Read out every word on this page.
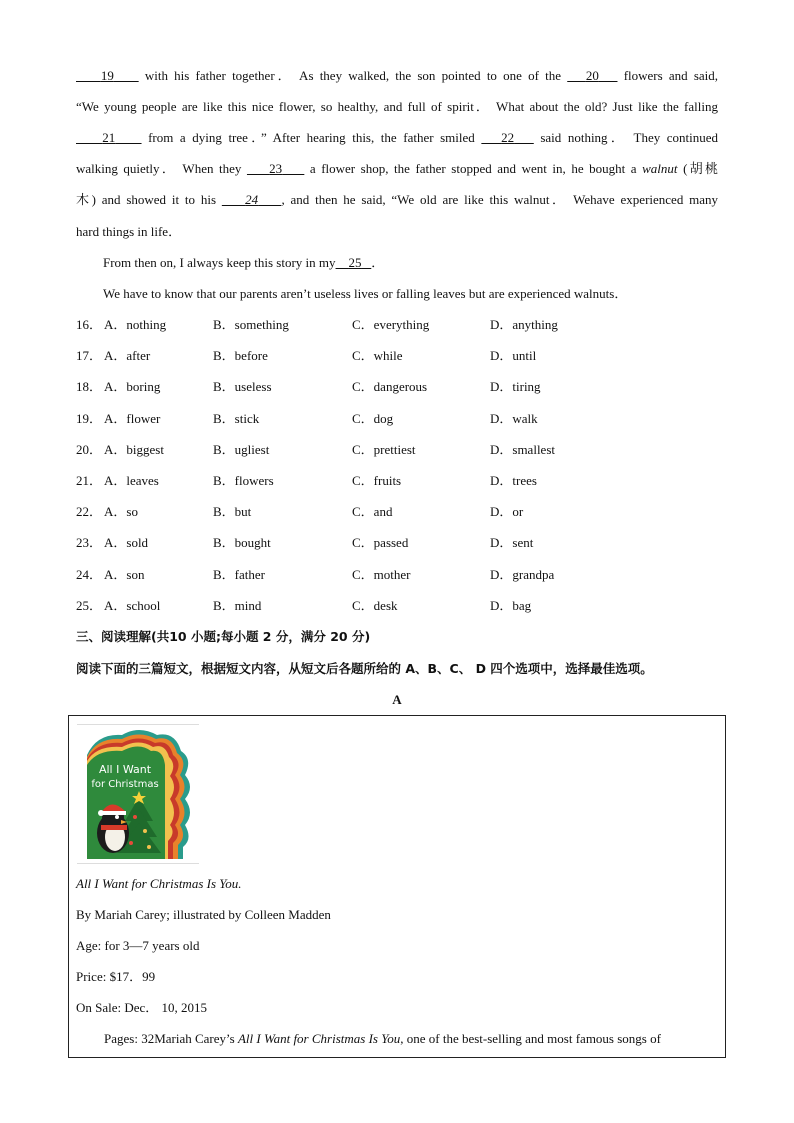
19     with his father together． As they walked, the son pointed to one of the    20    flowers and said,
“We young people are like this nice flower, so healthy, and full of spirit． What about the old? Just like the falling
21     from a dying tree．” After hearing this, the father smiled    22    said nothing． They continued
walking quietly． When they     23     a flower shop, the father stopped and went in, he bought a walnut (胡桃
木) and showed it to his     24 , and then he said, “We old are like this walnut． Wehave experienced many
hard things in life．
From then on, I always keep this story in my 25 ．
We have to know that our parents aren’t useless lives or falling leaves but are experienced walnuts．
16． A．nothing	B．something	C．everything	D．anything
17． A．after	B．before	C．while	D．until
18． A．boring	B．useless	C．dangerous	D．tiring
19． A．flower	B．stick	C．dog	D．walk
20． A．biggest	B．ugliest	C．prettiest	D．smallest
21． A．leaves	B．flowers	C．fruits	D．trees
22． A．so	B．but	C．and	D．or
23． A．sold	B．bought	C．passed	D．sent
24． A．son	B．father	C．mother	D．grandpa
25． A．school	B．mind	C．desk	D．bag
三、阅读理解(共10 小题;每小题 2 分，满分 20 分)
阅读下面的三篇短文，根据短文内容，从短文后各题所给的 A、B、C、 D 四个选项中，选择最佳选项。
A
All I Want
for Christmas
All I Want for Christmas Is You.
By Mariah Carey; illustrated by Colleen Madden
Age: for 3—7 years old
Price: $17．99
On Sale: Dec． 10, 2015
Pages: 32Mariah Carey’s All I Want for Christmas Is You, one of the best-selling and most famous songs of
